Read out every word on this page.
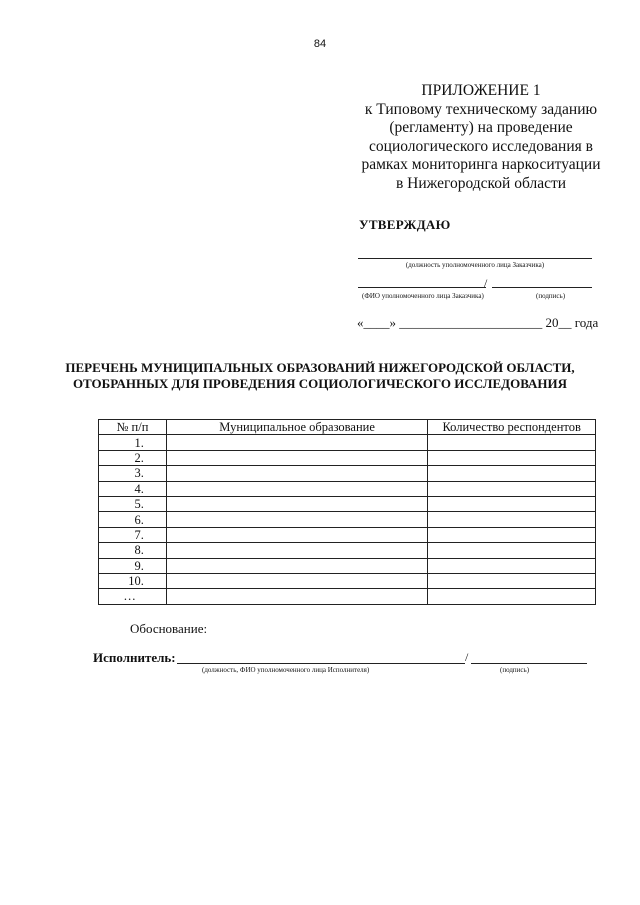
84
ПРИЛОЖЕНИЕ 1
к Типовому техническому заданию
(регламенту) на проведение
социологического исследования в
рамках мониторинга наркоситуации
в Нижегородской области
УТВЕРЖДАЮ
(должность уполномоченного лица Заказчика)
/
(ФИО уполномоченного лица Заказчика)	(подпись)
«____» ______________________ 20__ года
ПЕРЕЧЕНЬ МУНИЦИПАЛЬНЫХ ОБРАЗОВАНИЙ НИЖЕГОРОДСКОЙ ОБЛАСТИ,
ОТОБРАННЫХ ДЛЯ ПРОВЕДЕНИЯ СОЦИОЛОГИЧЕСКОГО ИССЛЕДОВАНИЯ
№ п/п	Муниципальное образование	Количество респондентов
1.		
2.		
3.		
4.		
5.		
6.		
7.		
8.		
9.		
10.		
…		
Обоснование:
Исполнитель:	/
(должность, ФИО уполномоченного лица Исполнителя)	(подпись)
